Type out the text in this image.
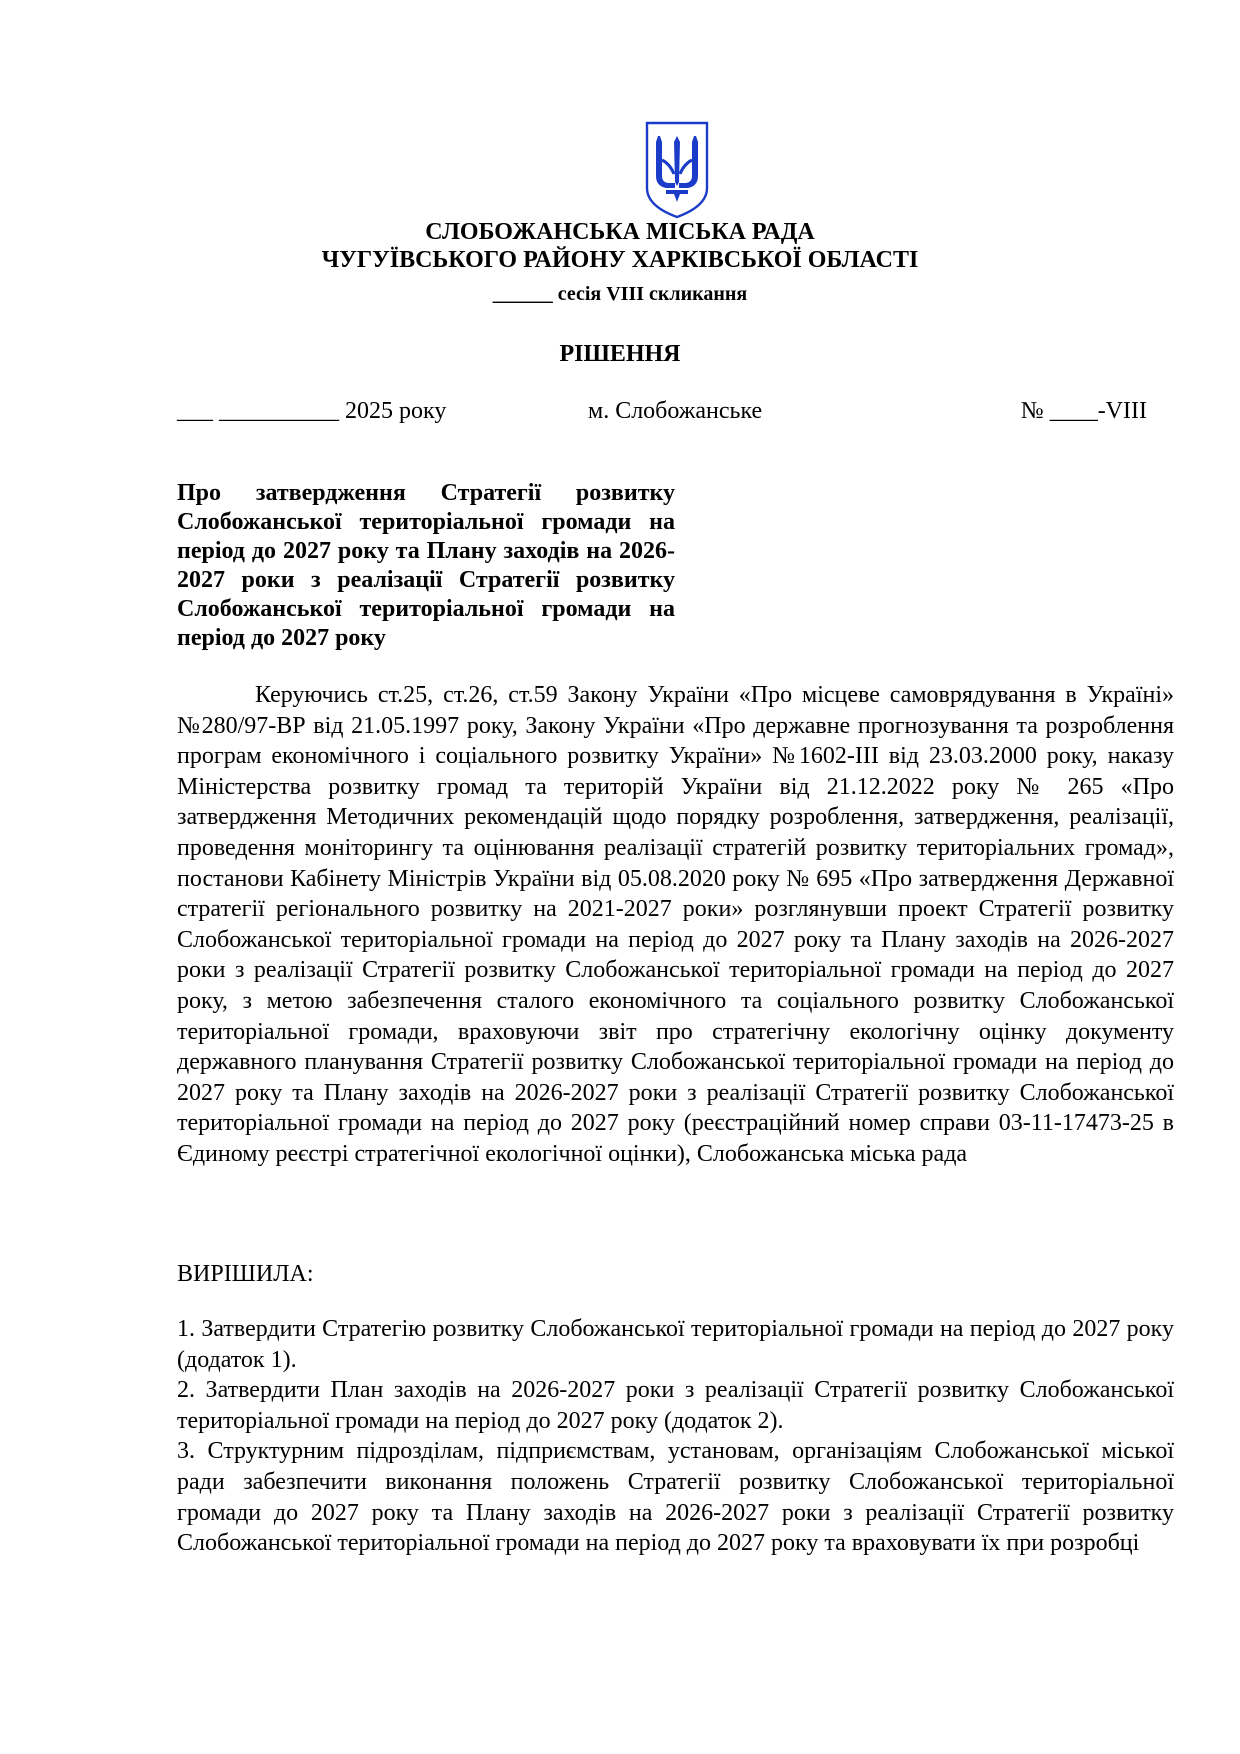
СЛОБОЖАНСЬКА МІСЬКА РАДА
ЧУГУЇВСЬКОГО РАЙОНУ ХАРКІВСЬКОЇ ОБЛАСТІ
______ сесія VIII скликання
РІШЕННЯ
___ __________ 2025 року	м. Слобожанське	№ ____-VIII
Про затвердження Стратегії розвитку Слобожанської територіальної громади на період до 2027 року та Плану заходів на 2026-2027 роки з реалізації Стратегії розвитку Слобожанської територіальної громади на період до 2027 року
Керуючись ст.25, ст.26, ст.59 Закону України «Про місцеве самоврядування в Україні» №280/97-ВР від 21.05.1997 року, Закону України «Про державне прогнозування та розроблення програм економічного і соціального розвитку України» №1602-ІІІ від 23.03.2000 року, наказу Міністерства розвитку громад та територій України від 21.12.2022 року № 265 «Про затвердження Методичних рекомендацій щодо порядку розроблення, затвердження, реалізації, проведення моніторингу та оцінювання реалізації стратегій розвитку територіальних громад», постанови Кабінету Міністрів України від 05.08.2020 року № 695 «Про затвердження Державної стратегії регіонального розвитку на 2021-2027 роки» розглянувши проект Стратегії розвитку Слобожанської територіальної громади на період до 2027 року та Плану заходів на 2026-2027 роки з реалізації Стратегії розвитку Слобожанської територіальної громади на період до 2027 року, з метою забезпечення сталого економічного та соціального розвитку Слобожанської територіальної громади, враховуючи звіт про стратегічну екологічну оцінку документу державного планування Стратегії розвитку Слобожанської територіальної громади на період до 2027 року та Плану заходів на 2026-2027 роки з реалізації Стратегії розвитку Слобожанської територіальної громади на період до 2027 року (реєстраційний номер справи 03-11-17473-25 в Єдиному реєстрі стратегічної екологічної оцінки), Слобожанська міська рада
ВИРІШИЛА:

1. Затвердити Стратегію розвитку Слобожанської територіальної громади на період до 2027 року (додаток 1).

2. Затвердити План заходів на 2026-2027 роки з реалізації Стратегії розвитку Слобожанської територіальної громади на період до 2027 року (додаток 2).

3. Структурним підрозділам, підприємствам, установам, організаціям Слобожанської міської ради забезпечити виконання положень Стратегії розвитку Слобожанської територіальної громади до 2027 року та Плану заходів на 2026-2027 роки з реалізації Стратегії розвитку Слобожанської територіальної громади на період до 2027 року та враховувати їх при розробці
